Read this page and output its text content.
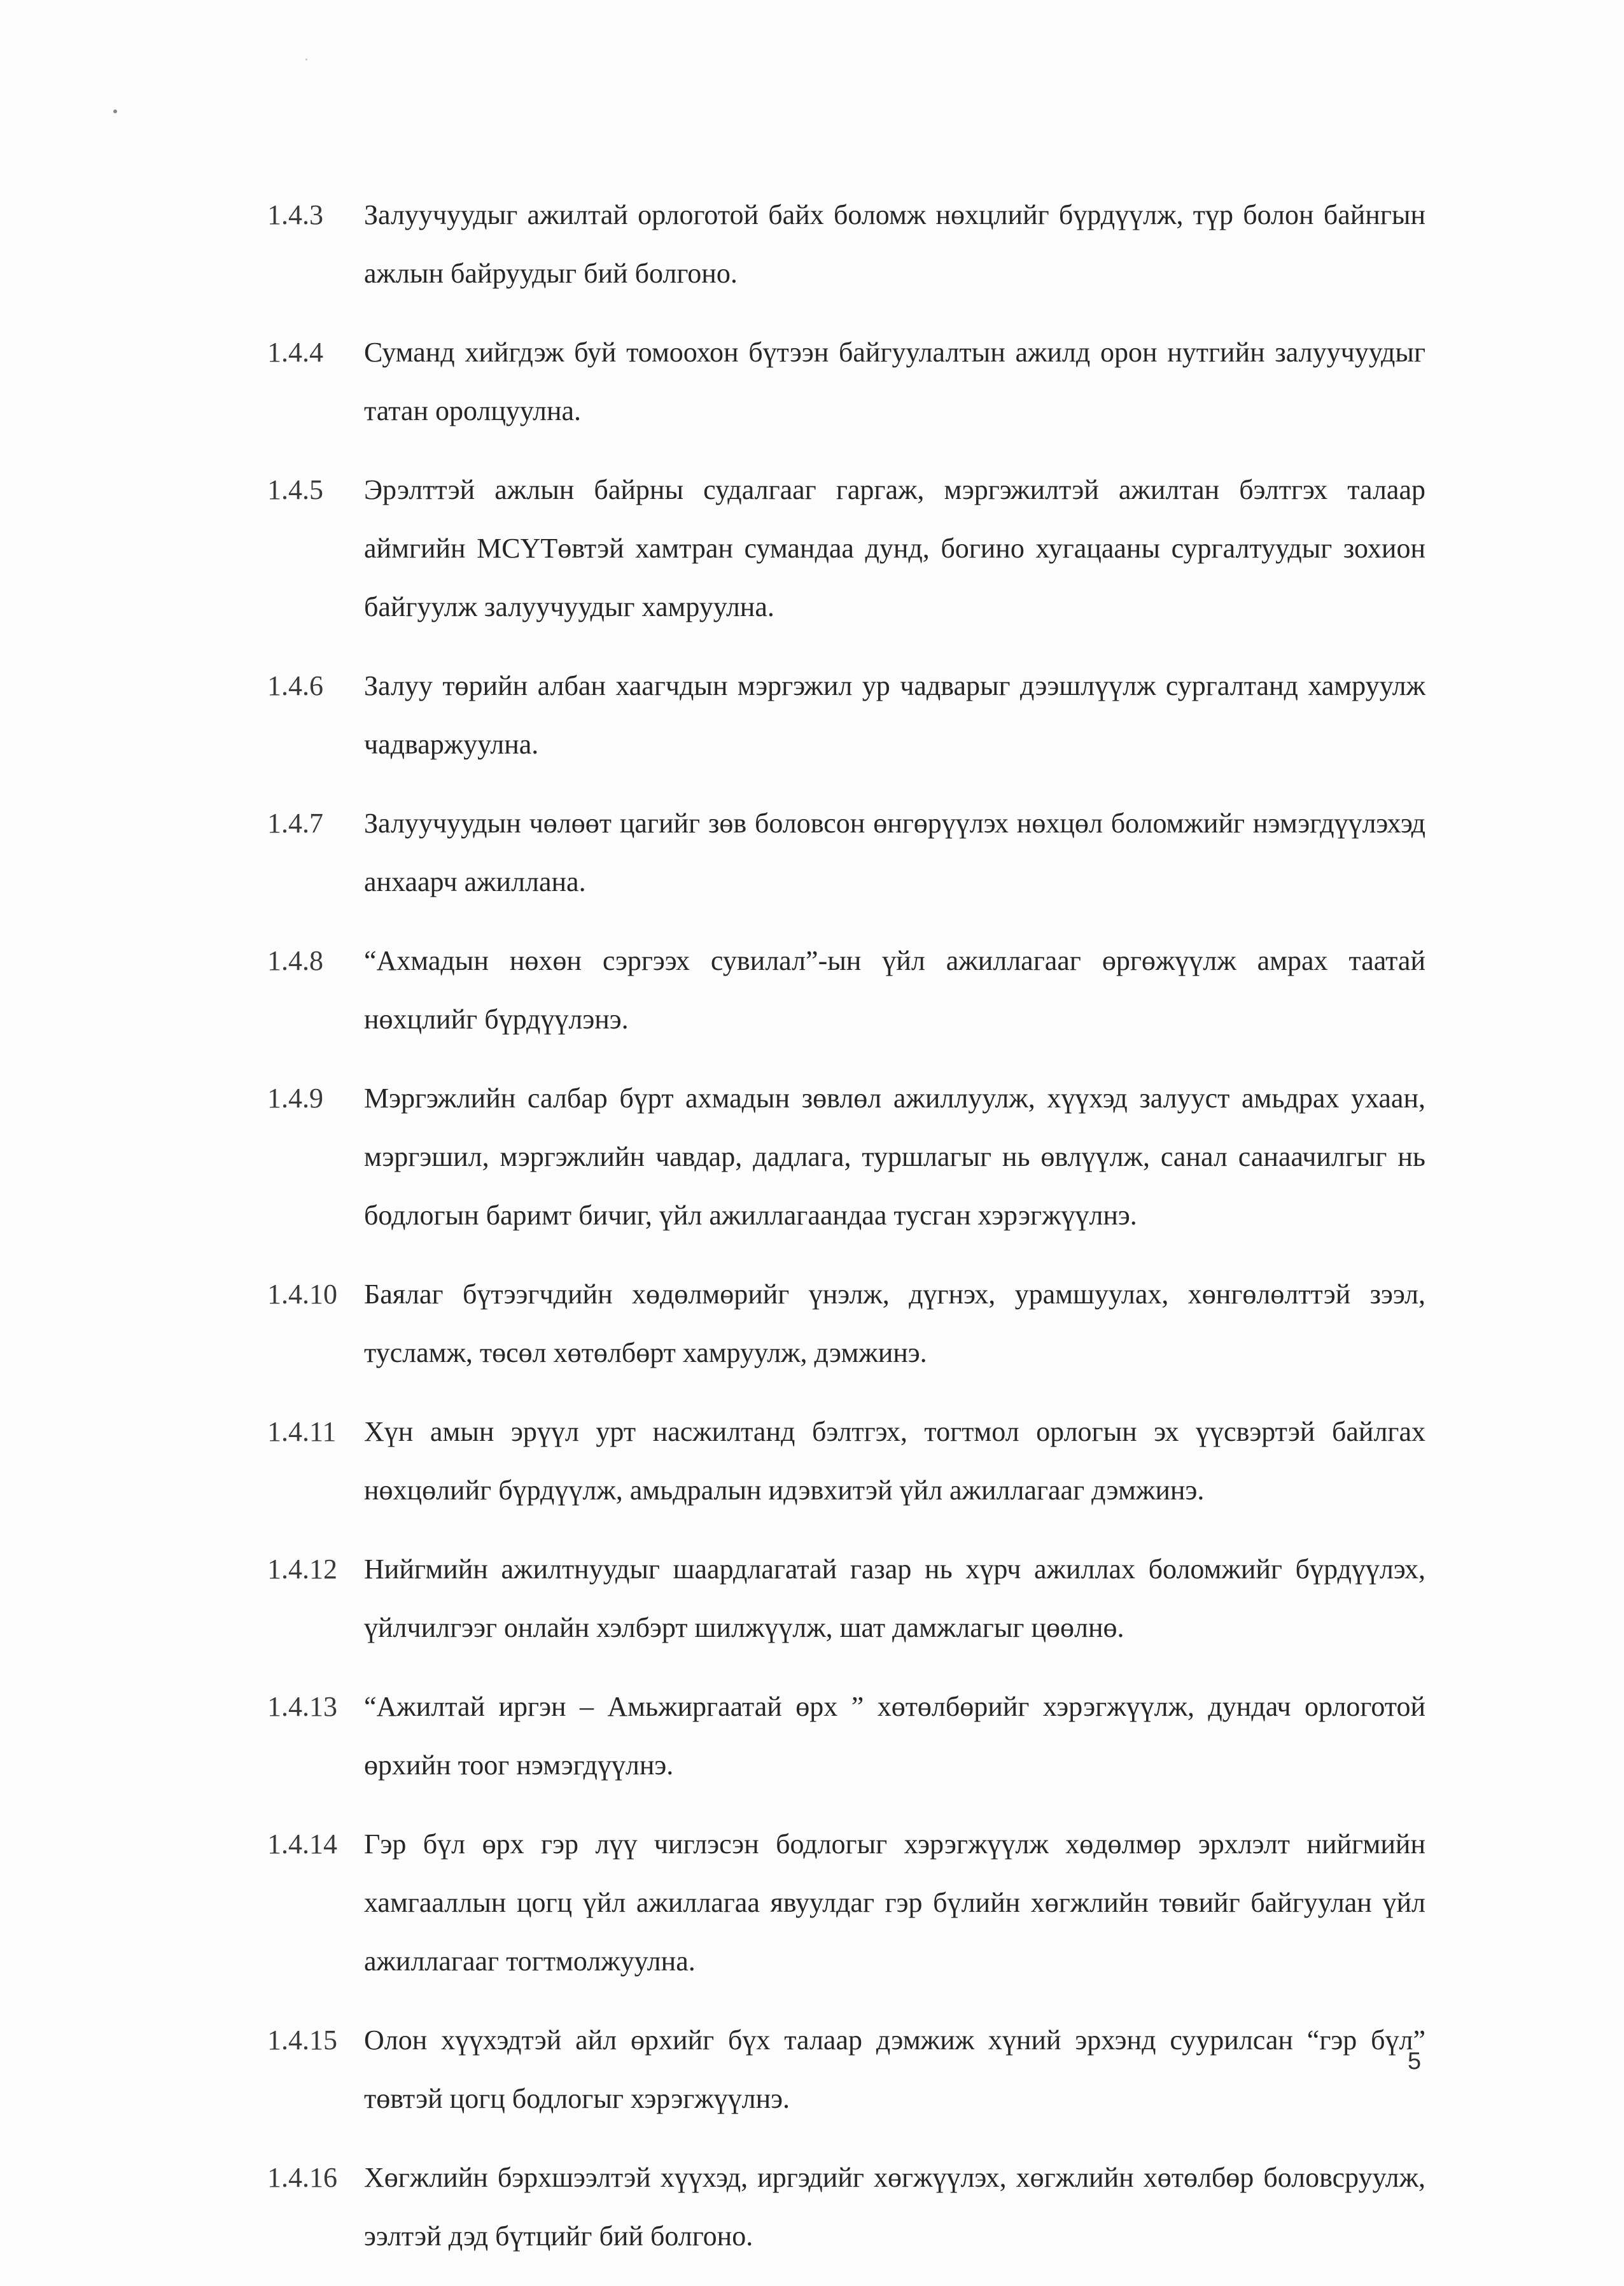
1.4.3	Залуучуудыг ажилтай орлоготой байх боломж нөхцлийг бүрдүүлж, түр болон байнгын ажлын байруудыг бий болгоно.
1.4.4	Суманд хийгдэж буй томоохон бүтээн байгуулалтын ажилд орон нутгийн залуучуудыг татан оролцуулна.
1.4.5	Эрэлттэй ажлын байрны судалгааг гаргаж, мэргэжилтэй ажилтан бэлтгэх талаар аймгийн МСҮТөвтэй хамтран сумандаа дунд, богино хугацааны сургалтуудыг зохион байгуулж залуучуудыг хамруулна.
1.4.6	Залуу төрийн албан хаагчдын мэргэжил ур чадварыг дээшлүүлж сургалтанд хамруулж чадваржуулна.
1.4.7	Залуучуудын чөлөөт цагийг зөв боловсон өнгөрүүлэх нөхцөл боломжийг нэмэгдүүлэхэд анхаарч ажиллана.
1.4.8	“Ахмадын нөхөн сэргээх сувилал”-ын үйл ажиллагааг өргөжүүлж амрах таатай нөхцлийг бүрдүүлэнэ.
1.4.9	Мэргэжлийн салбар бүрт ахмадын зөвлөл ажиллуулж, хүүхэд залууст амьдрах ухаан, мэргэшил, мэргэжлийн чавдар, дадлага, туршлагыг нь өвлүүлж, санал санаачилгыг нь бодлогын баримт бичиг, үйл ажиллагаандаа тусган хэрэгжүүлнэ.
1.4.10 Баялаг бүтээгчдийн хөдөлмөрийг үнэлж, дүгнэх, урамшуулах, хөнгөлөлттэй зээл, тусламж, төсөл хөтөлбөрт хамруулж, дэмжинэ.
1.4.11 Хүн амын эрүүл урт насжилтанд бэлтгэх, тогтмол орлогын эх үүсвэртэй байлгах нөхцөлийг бүрдүүлж, амьдралын идэвхитэй үйл ажиллагааг дэмжинэ.
1.4.12 Нийгмийн ажилтнуудыг шаардлагатай газар нь хүрч ажиллах боломжийг бүрдүүлэх, үйлчилгээг онлайн хэлбэрт шилжүүлж, шат дамжлагыг цөөлнө.
1.4.13 “Ажилтай иргэн – Амьжиргаатай өрх ” хөтөлбөрийг хэрэгжүүлж, дундач орлоготой өрхийн тоог нэмэгдүүлнэ.
1.4.14 Гэр бүл өрх гэр лүү чиглэсэн бодлогыг хэрэгжүүлж хөдөлмөр эрхлэлт нийгмийн хамгааллын цогц үйл ажиллагаа явуулдаг гэр бүлийн хөгжлийн төвийг байгуулан үйл ажиллагааг тогтмолжуулна.
1.4.15 Олон хүүхэдтэй айл өрхийг бүх талаар дэмжиж хүний эрхэнд суурилсан “гэр бүл” төвтэй цогц бодлогыг хэрэгжүүлнэ.
1.4.16 Хөгжлийн бэрхшээлтэй хүүхэд, иргэдийг хөгжүүлэх, хөгжлийн хөтөлбөр боловсруулж, ээлтэй дэд бүтцийг бий болгоно.
5
